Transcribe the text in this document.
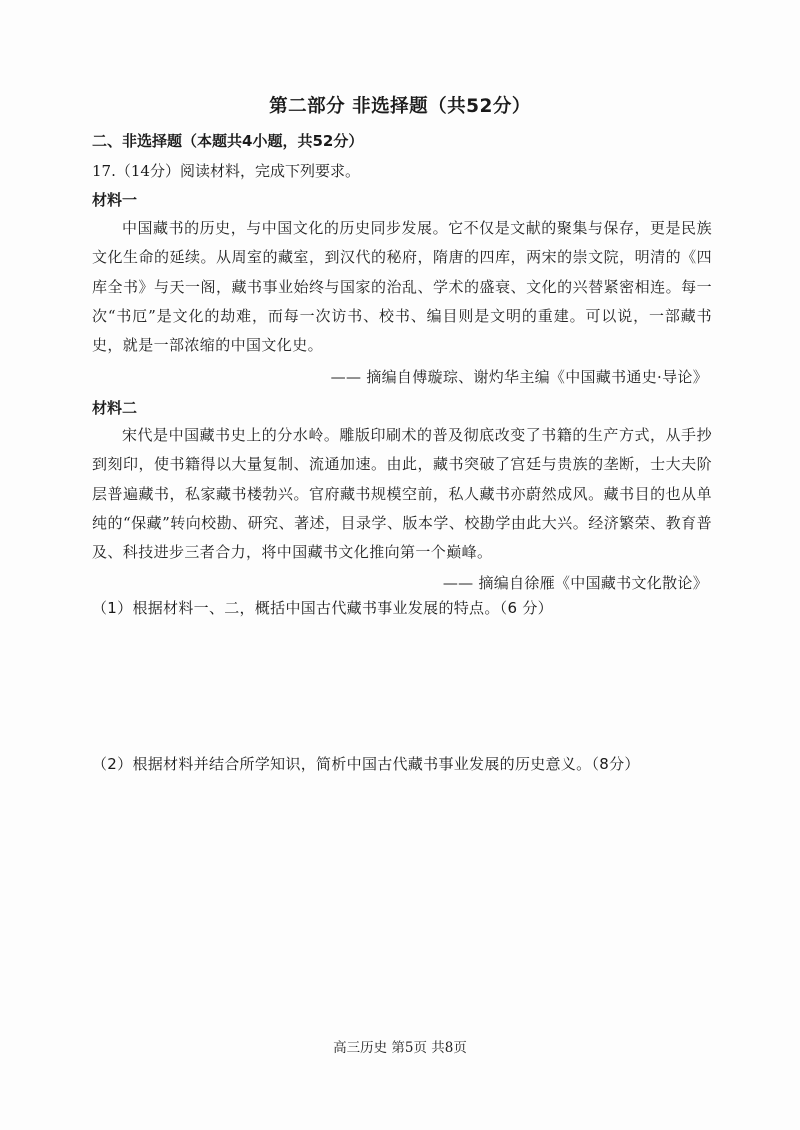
第二部分 非选择题（共52分）
二、非选择题（本题共4小题，共52分）
17.（14分）阅读材料，完成下列要求。
材料一
中国藏书的历史，与中国文化的历史同步发展。它不仅是文献的聚集与保存，更是民族文化生命的延续。从周室的藏室，到汉代的秘府，隋唐的四库，两宋的崇文院，明清的《四库全书》与天一阁，藏书事业始终与国家的治乱、学术的盛衰、文化的兴替紧密相连。每一次“书厄”是文化的劫难，而每一次访书、校书、编目则是文明的重建。可以说，一部藏书史，就是一部浓缩的中国文化史。
—— 摘编自傅璇琮、谢灼华主编《中国藏书通史·导论》
材料二
宋代是中国藏书史上的分水岭。雕版印刷术的普及彻底改变了书籍的生产方式，从手抄到刻印，使书籍得以大量复制、流通加速。由此，藏书突破了宫廷与贵族的垄断，士大夫阶层普遍藏书，私家藏书楼勃兴。官府藏书规模空前，私人藏书亦蔚然成风。藏书目的也从单纯的“保藏”转向校勘、研究、著述，目录学、版本学、校勘学由此大兴。经济繁荣、教育普及、科技进步三者合力，将中国藏书文化推向第一个巅峰。
—— 摘编自徐雁《中国藏书文化散论》
（1）根据材料一、二，概括中国古代藏书事业发展的特点。（6 分）
（2）根据材料并结合所学知识，简析中国古代藏书事业发展的历史意义。（8分）
高三历史 第5页 共8页
